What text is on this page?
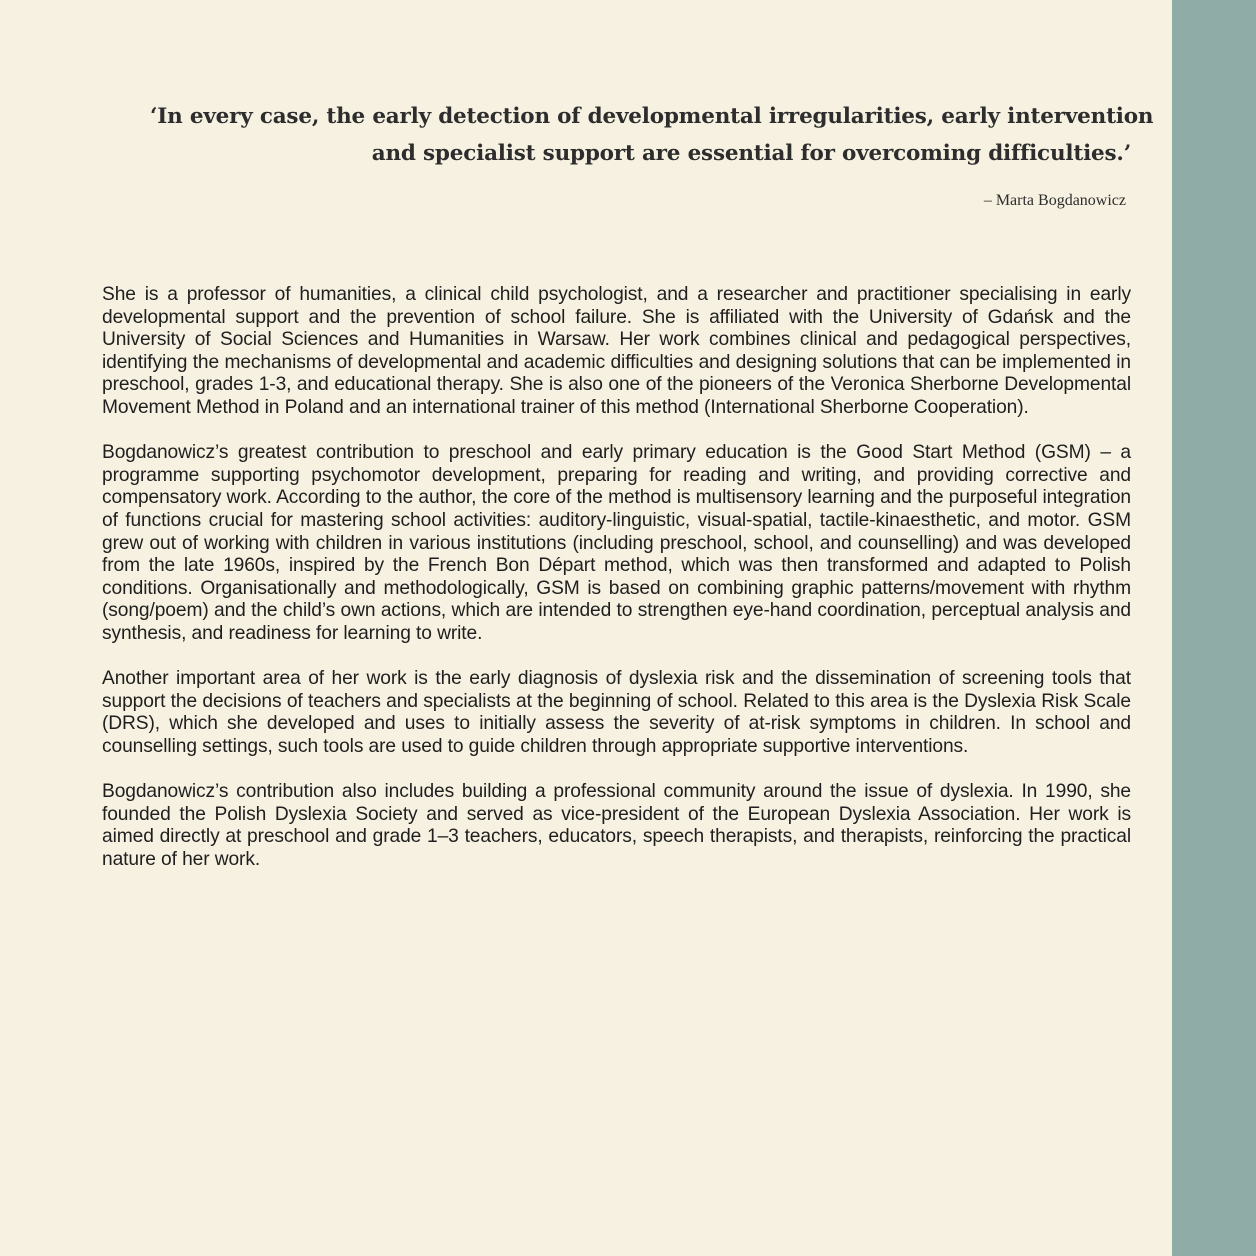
‘In every case, the early detection of developmental irregularities, early intervention
and specialist support are essential for overcoming difficulties.’

– Marta Bogdanowicz

She is a professor of humanities, a clinical child psychologist, and a researcher and practitioner specialising in early developmental support and the prevention of school failure. She is affiliated with the University of Gdańsk and the University of Social Sciences and Humanities in Warsaw. Her work combines clinical and pedagogical perspectives, identifying the mechanisms of developmental and academic difficulties and designing solutions that can be implemented in preschool, grades 1-3, and educational therapy. She is also one of the pioneers of the Veronica Sherborne Developmental Movement Method in Poland and an international trainer of this method (International Sherborne Cooperation).

Bogdanowicz’s greatest contribution to preschool and early primary education is the Good Start Method (GSM) – a programme supporting psychomotor development, preparing for reading and writing, and providing corrective and compensatory work. According to the author, the core of the method is multisensory learning and the purposeful integration of functions crucial for mastering school activities: auditory-linguistic, visual-spatial, tactile-kinaesthetic, and motor. GSM grew out of working with children in various institutions (including preschool, school, and counselling) and was developed from the late 1960s, inspired by the French Bon Départ method, which was then transformed and adapted to Polish conditions. Organisationally and methodologically, GSM is based on combining graphic patterns/movement with rhythm (song/poem) and the child’s own actions, which are intended to strengthen eye-hand coordination, perceptual analysis and synthesis, and readiness for learning to write.

Another important area of her work is the early diagnosis of dyslexia risk and the dissemination of screening tools that support the decisions of teachers and specialists at the beginning of school. Related to this area is the Dyslexia Risk Scale (DRS), which she developed and uses to initially assess the severity of at-risk symptoms in children. In school and counselling settings, such tools are used to guide children through appropriate supportive interventions.

Bogdanowicz’s contribution also includes building a professional community around the issue of dyslexia. In 1990, she founded the Polish Dyslexia Society and served as vice-president of the European Dyslexia Association. Her work is aimed directly at preschool and grade 1–3 teachers, educators, speech therapists, and therapists, reinforcing the practical nature of her work.
